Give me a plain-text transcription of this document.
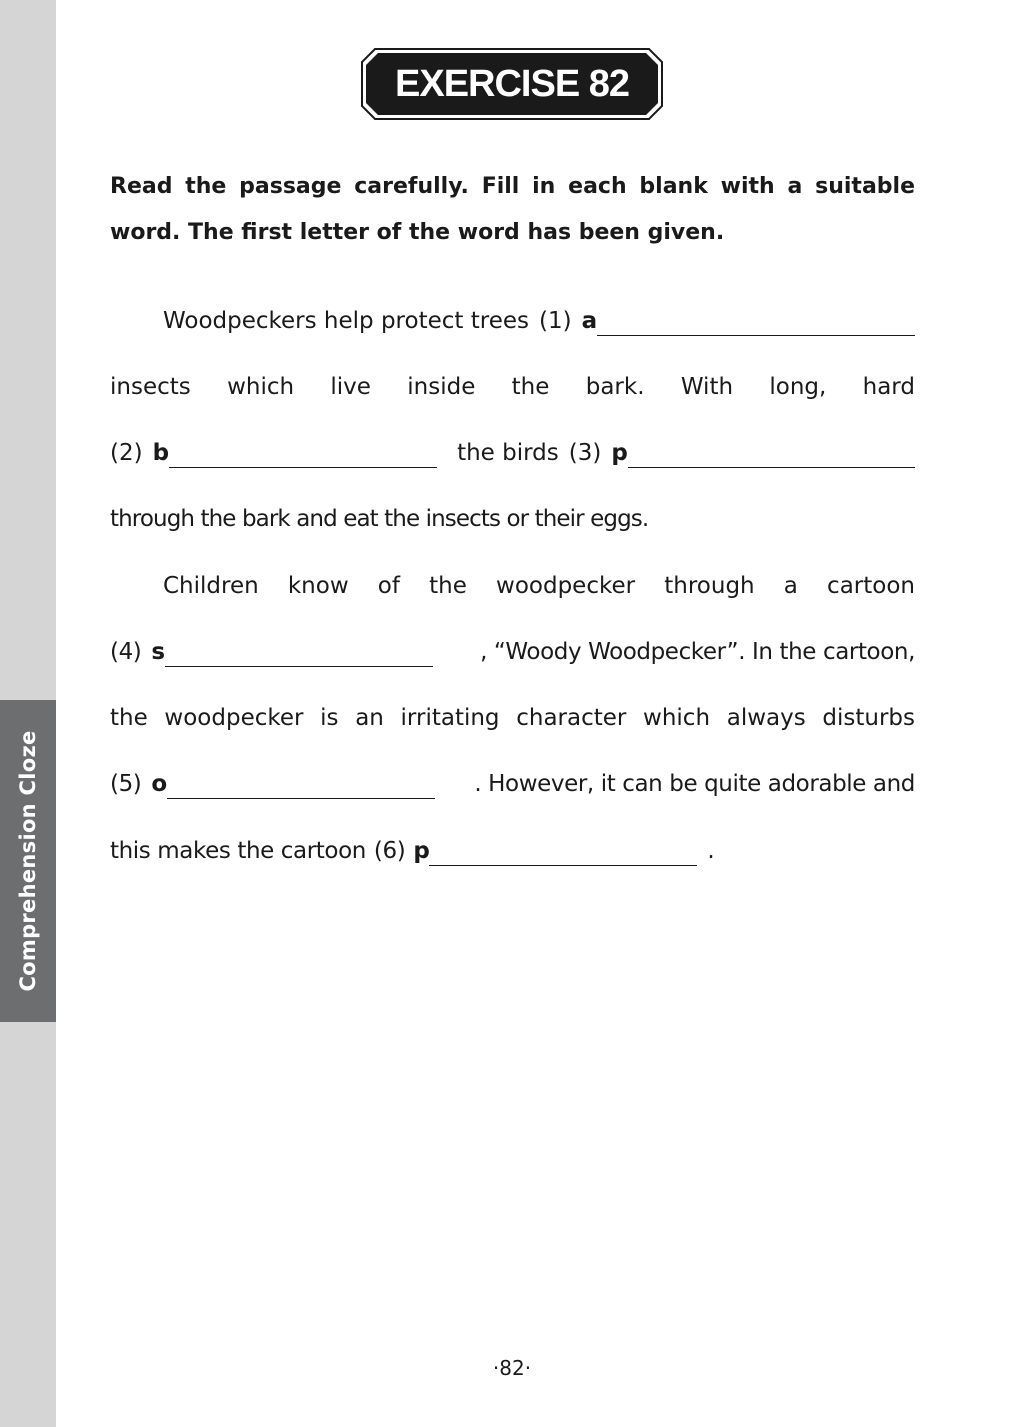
Comprehension Cloze
EXERCISE 82
Read the passage carefully. Fill in each blank with a suitable word. The first letter of the word has been given.
Woodpeckers help protect trees (1) a
insects which live inside the bark. With long, hard
(2) b	the birds (3) p
through the bark and eat the insects or their eggs.
Children know of the woodpecker through a cartoon
(4) s	, “Woody Woodpecker”. In the cartoon,
the woodpecker is an irritating character which always disturbs
(5) o	. However, it can be quite adorable and
this makes the cartoon (6) p	.
·82·
